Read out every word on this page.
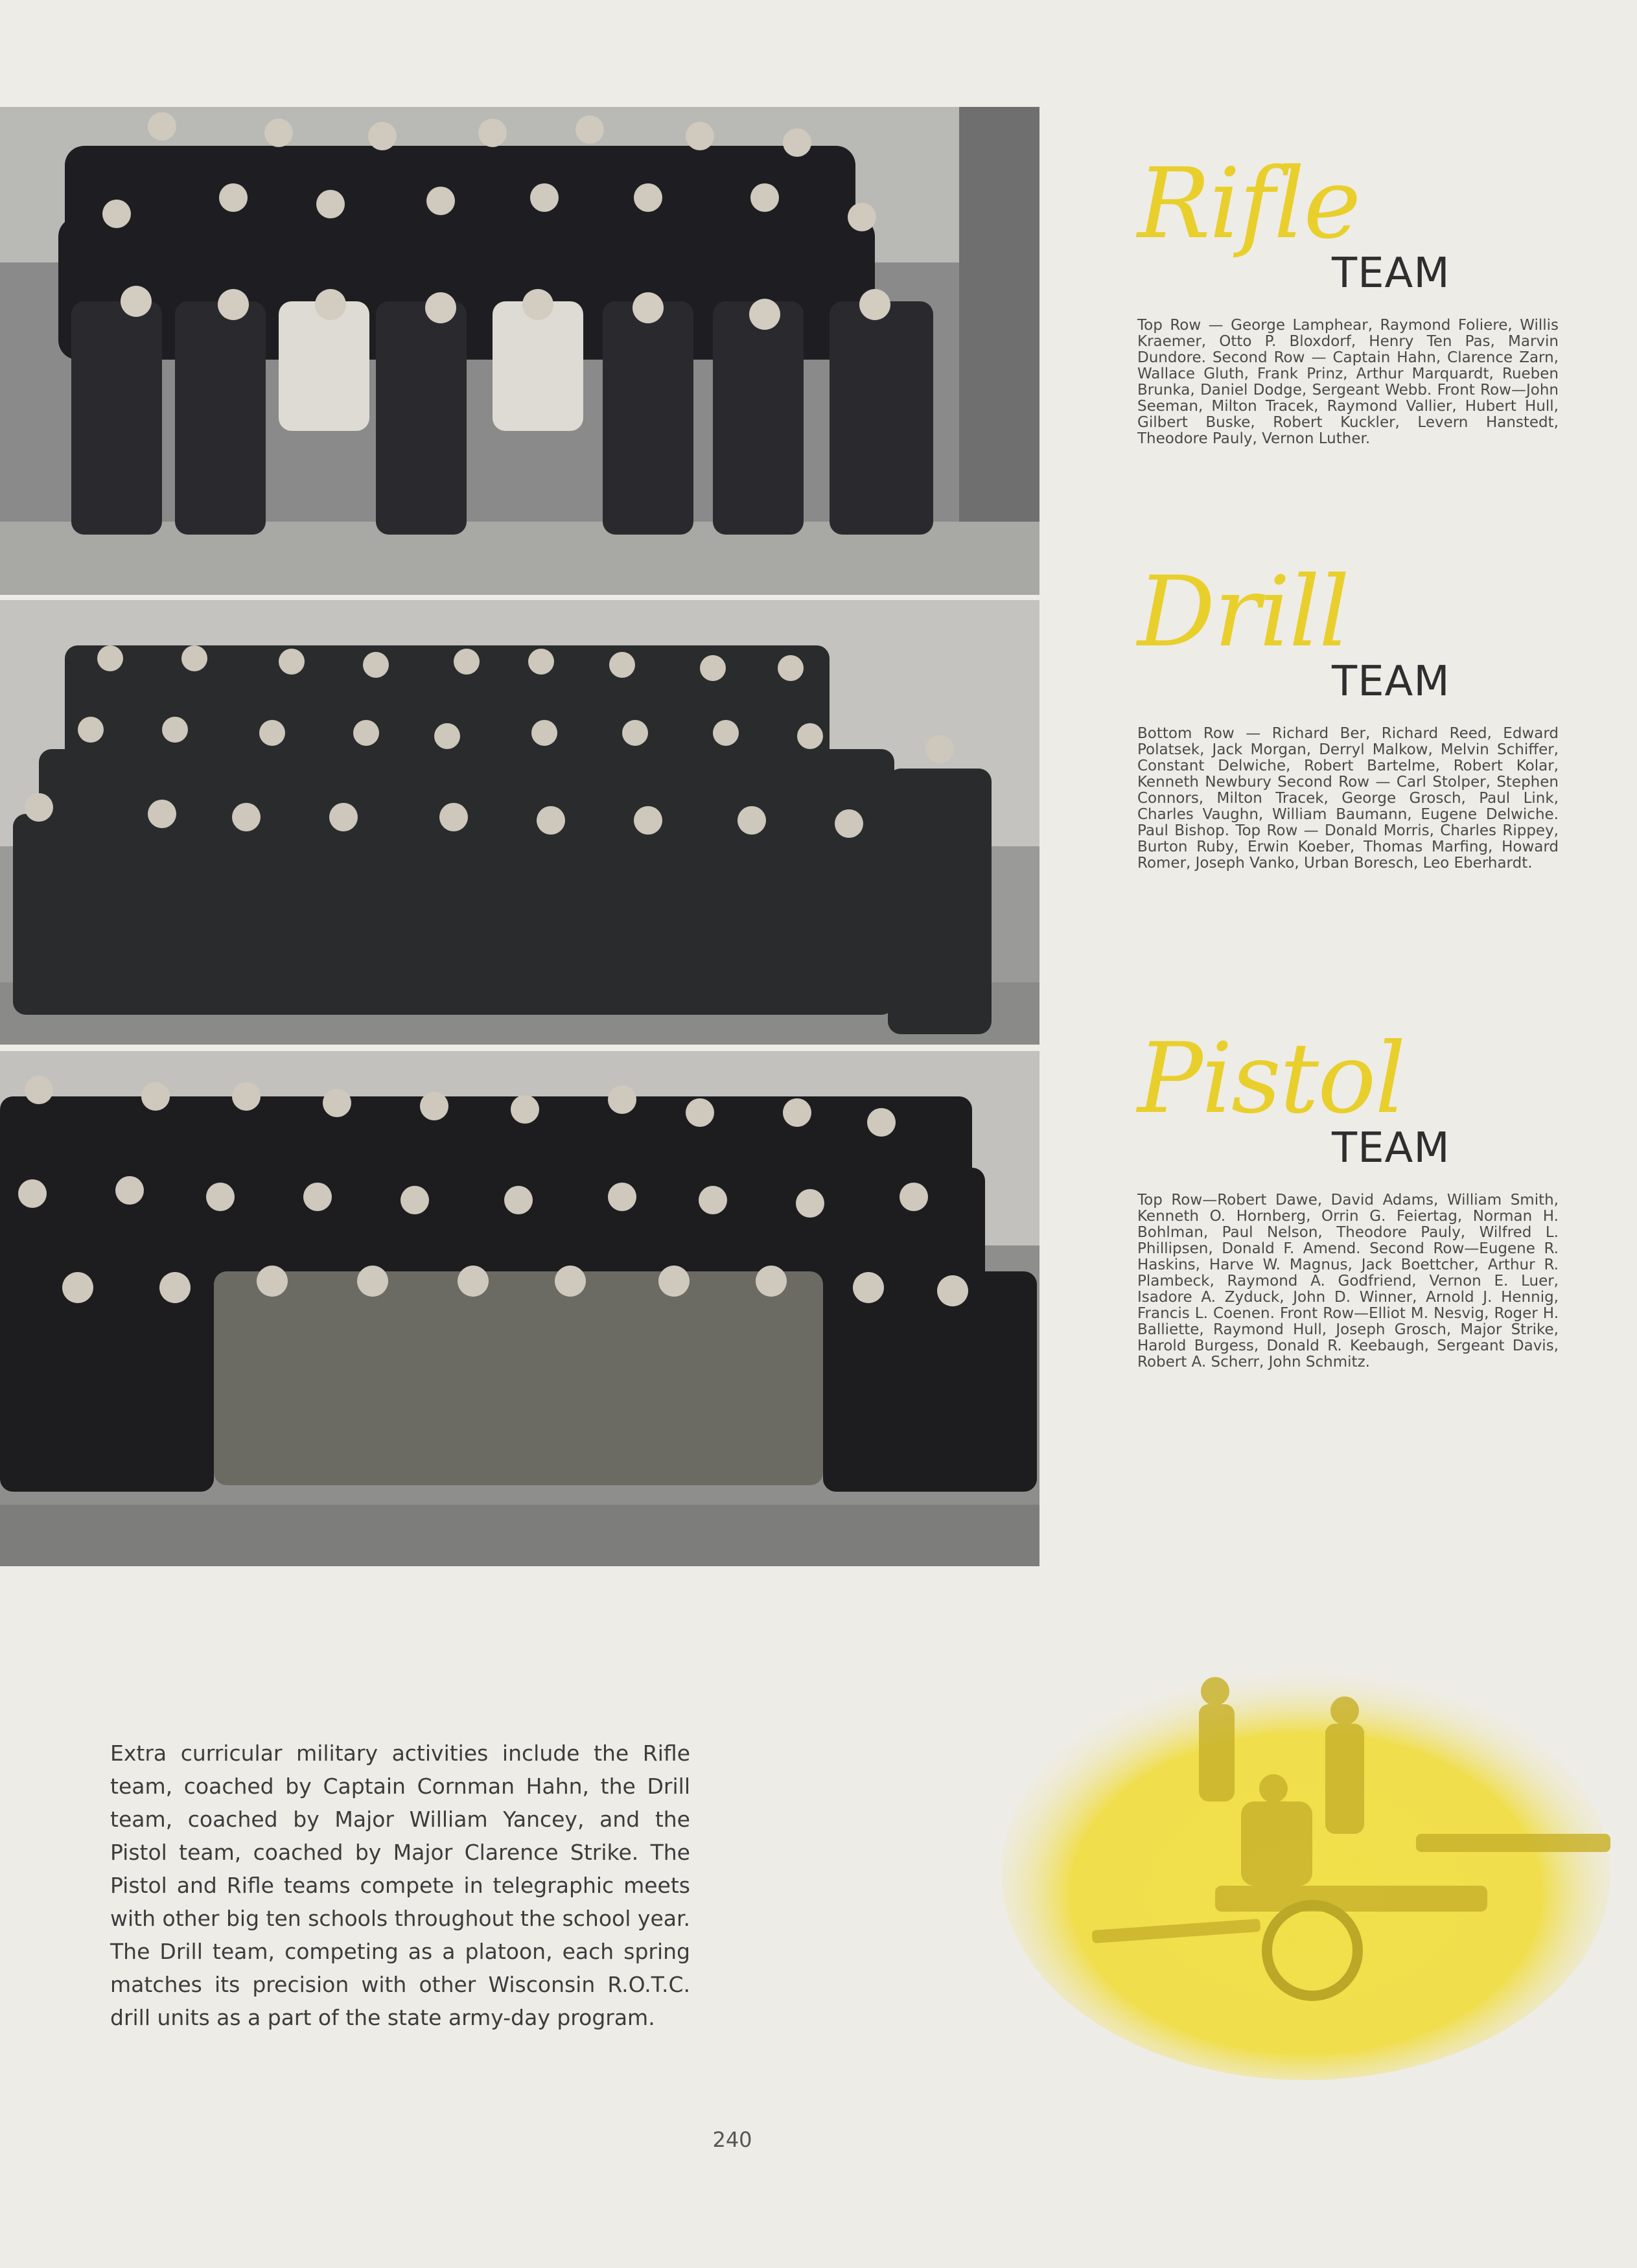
Rifle
TEAM
Top Row — George Lamphear, Raymond Foliere, Willis Kraemer, Otto P. Bloxdorf, Henry Ten Pas, Marvin Dundore. Second Row — Captain Hahn, Clarence Zarn, Wallace Gluth, Frank Prinz, Arthur Marquardt, Rueben Brunka, Daniel Dodge, Sergeant Webb. Front Row—John Seeman, Milton Tracek, Raymond Vallier, Hubert Hull, Gilbert Buske, Robert Kuckler, Levern Hanstedt, Theodore Pauly, Vernon Luther.
Drill
TEAM
Bottom Row — Richard Ber, Richard Reed, Edward Polatsek, Jack Morgan, Derryl Malkow, Melvin Schiffer, Constant Delwiche, Robert Bartelme, Robert Kolar, Kenneth Newbury Second Row — Carl Stolper, Stephen Connors, Milton Tracek, George Grosch, Paul Link, Charles Vaughn, William Baumann, Eugene Delwiche. Paul Bishop. Top Row — Donald Morris, Charles Rippey, Burton Ruby, Erwin Koeber, Thomas Marfing, Howard Romer, Joseph Vanko, Urban Boresch, Leo Eberhardt.
Pistol
TEAM
Top Row—Robert Dawe, David Adams, William Smith, Kenneth O. Hornberg, Orrin G. Feiertag, Norman H. Bohlman, Paul Nelson, Theodore Pauly, Wilfred L. Phillipsen, Donald F. Amend. Second Row—Eugene R. Haskins, Harve W. Magnus, Jack Boettcher, Arthur R. Plambeck, Raymond A. Godfriend, Vernon E. Luer, Isadore A. Zyduck, John D. Winner, Arnold J. Hennig, Francis L. Coenen. Front Row—Elliot M. Nesvig, Roger H. Balliette, Raymond Hull, Joseph Grosch, Major Strike, Harold Burgess, Donald R. Keebaugh, Sergeant Davis, Robert A. Scherr, John Schmitz.
Extra curricular military activities include the Rifle team, coached by Captain Cornman Hahn, the Drill team, coached by Major William Yancey, and the Pistol team, coached by Major Clarence Strike. The Pistol and Rifle teams compete in telegraphic meets with other big ten schools throughout the school year. The Drill team, competing as a platoon, each spring matches its precision with other Wisconsin R.O.T.C. drill units as a part of the state army-day program.
240
